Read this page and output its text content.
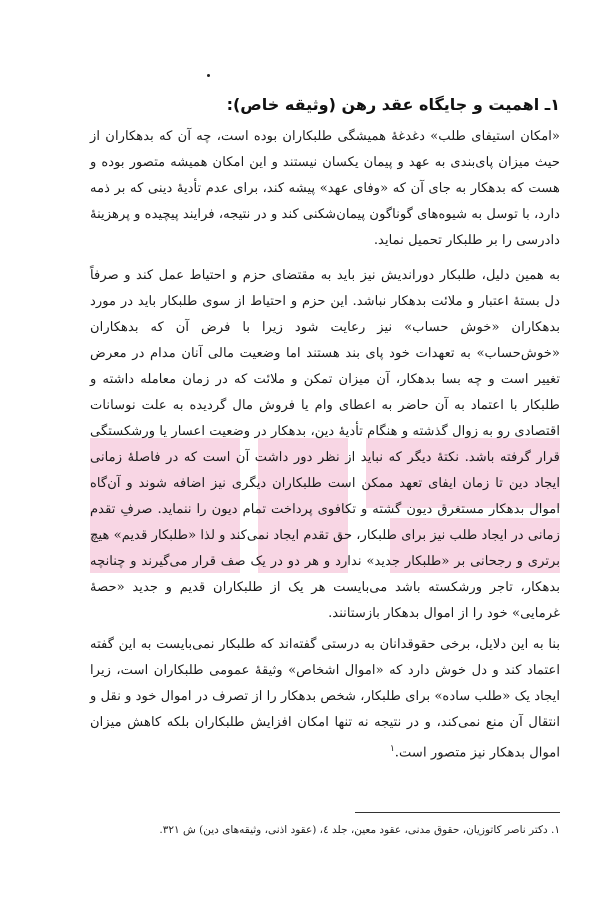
۱ـ اهمیت و جایگاه عقد رهن (وثیقه خاص):

«امکان استیفای طلب» دغدغهٔ همیشگی طلبکاران بوده است، چه آن که بدهکاران از حیث میزان پای‌بندی به عهد و پیمان یکسان نیستند و این امکان همیشه متصور بوده و هست که بدهکار به جای آن که «وفای عهد» پیشه کند، برای عدم تأدیهٔ دینی که بر ذمه دارد، با توسل به شیوه‌های گوناگون پیمان‌شکنی کند و در نتیجه، فرایند پیچیده و پرهزینهٔ دادرسی را بر طلبکار تحمیل نماید.

به همین دلیل، طلبکار دوراندیش نیز باید به مقتضای حزم و احتیاط عمل کند و صرفاً دل بستهٔ اعتبار و ملائت بدهکار نباشد. این حزم و احتیاط از سوی طلبکار باید در مورد بدهکاران «خوش حساب» نیز رعایت شود زیرا با فرض آن که بدهکاران «خوش‌حساب» به تعهدات خود پای بند هستند اما وضعیت مالی آنان مدام در معرض تغییر است و چه بسا بدهکار، آن میزان تمکن و ملائت که در زمان معامله داشته و طلبکار با اعتماد به آن حاضر به اعطای وام یا فروش مال گردیده به علت نوسانات اقتصادی رو به زوال گذشته و هنگام تأدیهٔ دین، بدهکار در وضعیت اعسار یا ورشکستگی قرار گرفته باشد. نکتهٔ دیگر که نباید از نظر دور داشت آن است که در فاصلهٔ زمانی ایجاد دین تا زمان ایفای تعهد ممکن است طلبکاران دیگری نیز اضافه شوند و آن‌گاه اموال بدهکار مستغرق دیون گشته و تکافوی پرداخت تمام دیون را ننماید. صرفِ تقدم زمانی در ایجاد طلب نیز برای طلبکار، حق تقدم ایجاد نمی‌کند و لذا «طلبکار قدیم» هیچ برتری و رجحانی بر «طلبکار جدید» ندارد و هر دو در یک صف قرار می‌گیرند و چنانچه بدهکار، تاجر ورشکسته باشد می‌بایست هر یک از طلبکاران قدیم و جدید «حصهٔ غرمایی» خود را از اموال بدهکار بازستانند.

بنا به این دلایل، برخی حقوقدانان به درستی گفته‌اند که طلبکار نمی‌بایست به این گفته اعتماد کند و دل خوش دارد که «اموال اشخاص» وثیقهٔ عمومی طلبکاران است، زیرا ایجاد یک «طلب ساده» برای طلبکار، شخص بدهکار را از تصرف در اموال خود و نقل و انتقال آن منع نمی‌کند، و در نتیجه نه تنها امکان افزایش طلبکاران بلکه کاهش میزان اموال بدهکار نیز متصور است.$^۱$

۱. دکتر ناصر کاتوزیان، حقوق مدنی، عقود معین، جلد ٤، (عقود اذنی، وثیقه‌های دین) ش ۳۲۱.
